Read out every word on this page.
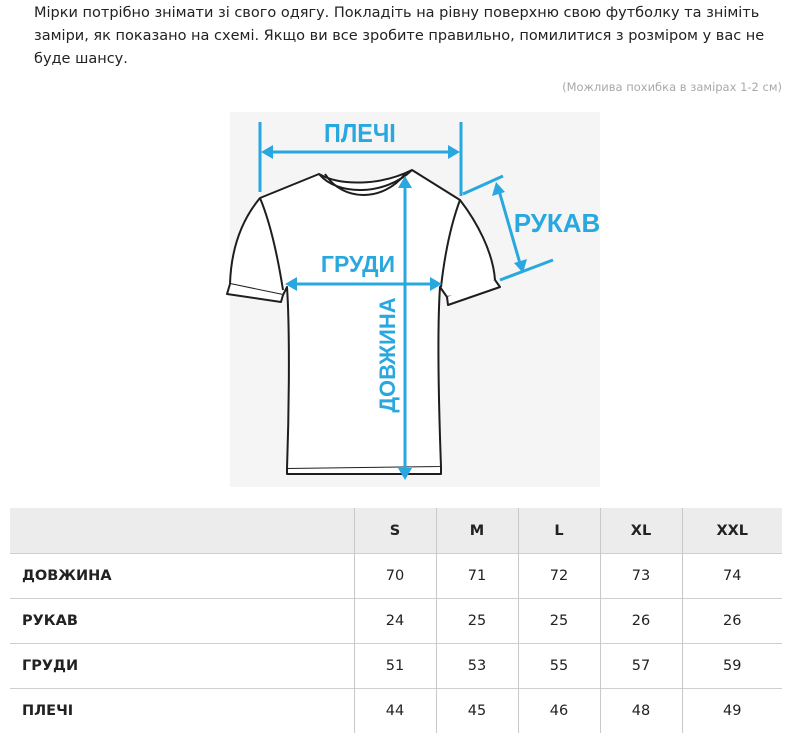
Мірки потрібно знімати зі свого одягу. Покладіть на рівну поверхню свою футболку та зніміть заміри, як показано на схемі. Якщо ви все зробите правильно, помилитися з розміром у вас не буде шансу.
(Можлива похибка в замірах 1-2 см)
ПЛЕЧІ
РУКАВ
ГРУДИ
ДОВЖИНА
	S	M	L	XL	XXL
ДОВЖИНА	70	71	72	73	74
РУКАВ	24	25	25	26	26
ГРУДИ	51	53	55	57	59
ПЛЕЧІ	44	45	46	48	49
